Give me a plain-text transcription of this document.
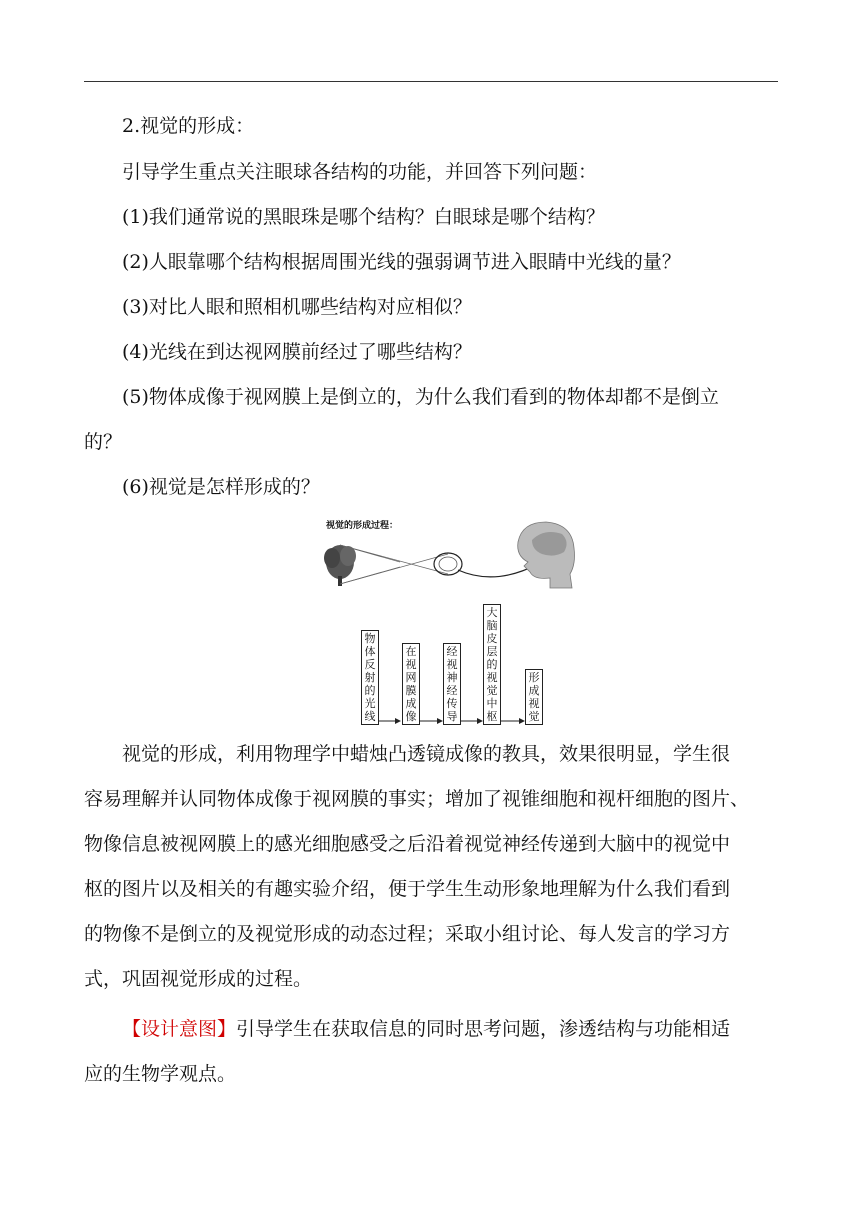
2.视觉的形成：
引导学生重点关注眼球各结构的功能，并回答下列问题：
(1)我们通常说的黑眼珠是哪个结构？白眼球是哪个结构？
(2)人眼靠哪个结构根据周围光线的强弱调节进入眼睛中光线的量？
(3)对比人眼和照相机哪些结构对应相似？
(4)光线在到达视网膜前经过了哪些结构？
(5)物体成像于视网膜上是倒立的，为什么我们看到的物体却都不是倒立
的？
(6)视觉是怎样形成的？
视觉的形成过程：
物体反射的光线
在视网膜成像
经视神经传导
大脑皮层的视觉中枢
形成视觉
视觉的形成，利用物理学中蜡烛凸透镜成像的教具，效果很明显，学生很
容易理解并认同物体成像于视网膜的事实；增加了视锥细胞和视杆细胞的图片、
物像信息被视网膜上的感光细胞感受之后沿着视觉神经传递到大脑中的视觉中
枢的图片以及相关的有趣实验介绍，便于学生生动形象地理解为什么我们看到
的物像不是倒立的及视觉形成的动态过程；采取小组讨论、每人发言的学习方
式，巩固视觉形成的过程。
【设计意图】引导学生在获取信息的同时思考问题，渗透结构与功能相适
应的生物学观点。
